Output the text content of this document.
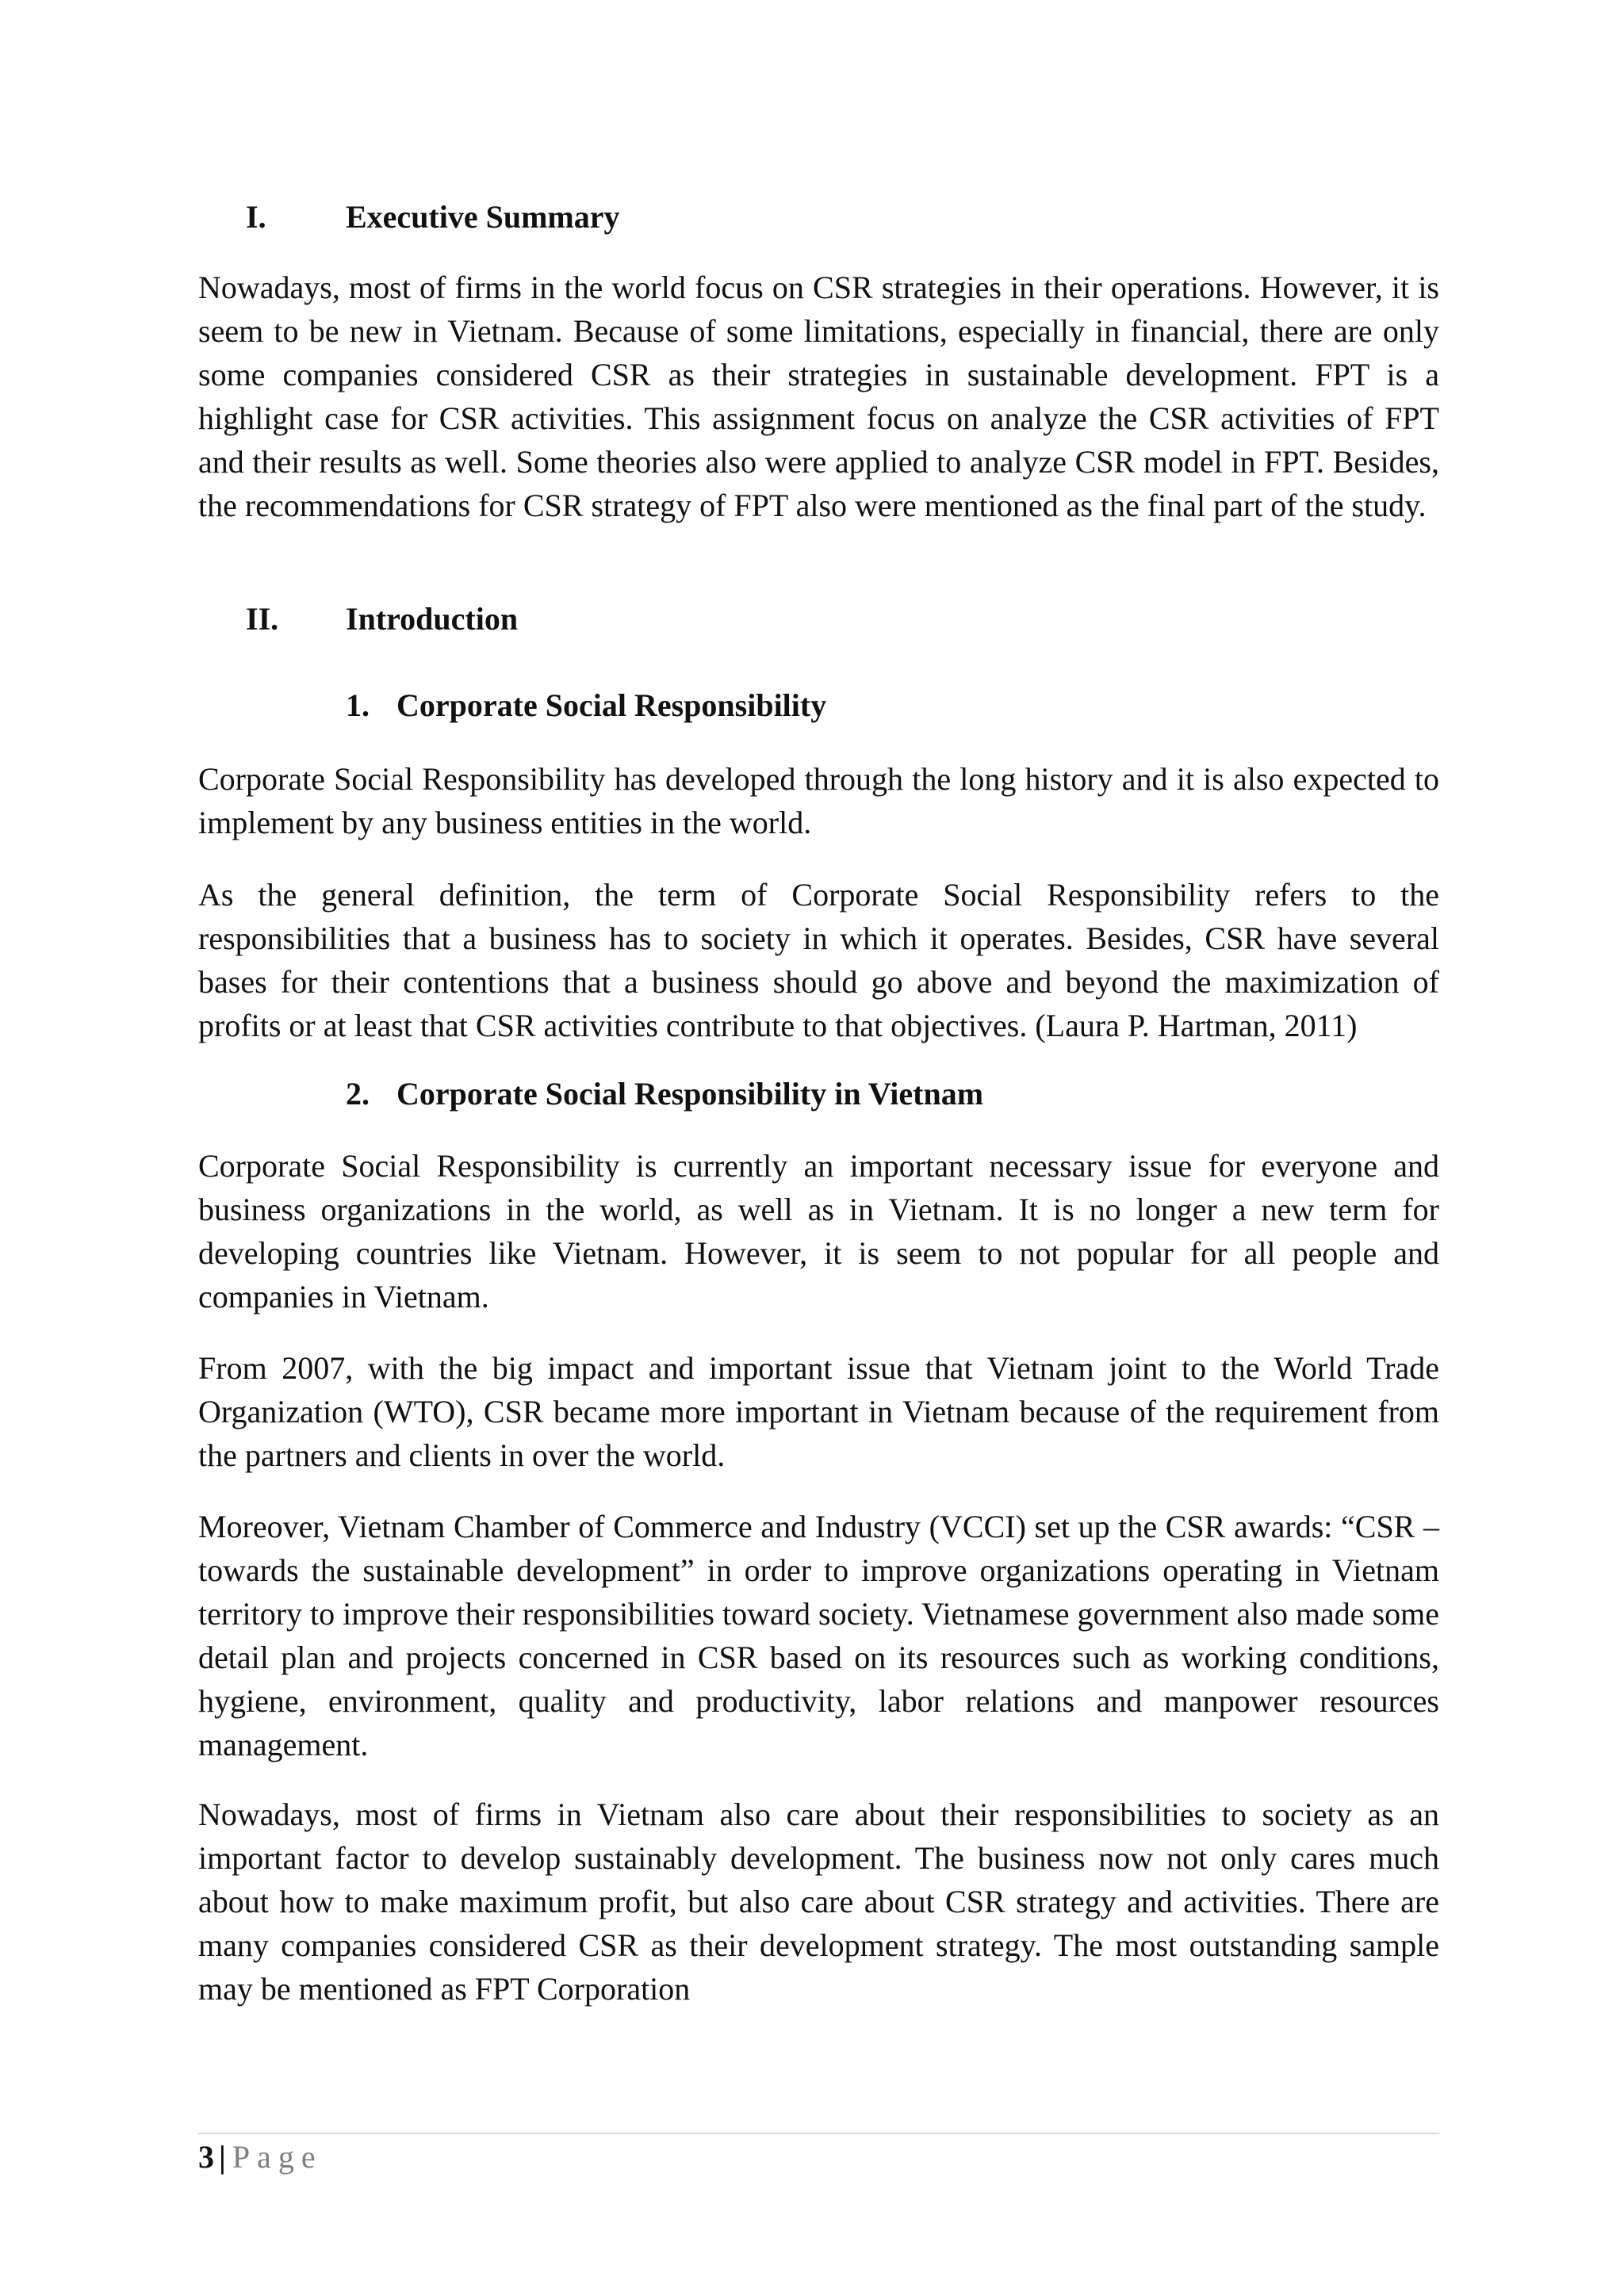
I.	Executive Summary

Nowadays, most of firms in the world focus on CSR strategies in their operations. However, it is seem to be new in Vietnam. Because of some limitations, especially in financial, there are only some companies considered CSR as their strategies in sustainable development. FPT is a highlight case for CSR activities. This assignment focus on analyze the CSR activities of FPT and their results as well. Some theories also were applied to analyze CSR model in FPT. Besides, the recommendations for CSR strategy of FPT also were mentioned as the final part of the study.

II. Introduction
1. Corporate Social Responsibility

Corporate Social Responsibility has developed through the long history and it is also expected to implement by any business entities in the world.

As the general definition, the term of Corporate Social Responsibility refers to the responsibilities that a business has to society in which it operates. Besides, CSR have several bases for their contentions that a business should go above and beyond the maximization of profits or at least that CSR activities contribute to that objectives. (Laura P. Hartman, 2011)

2. Corporate Social Responsibility in Vietnam

Corporate Social Responsibility is currently an important necessary issue for everyone and business organizations in the world, as well as in Vietnam. It is no longer a new term for developing countries like Vietnam. However, it is seem to not popular for all people and companies in Vietnam.

From 2007, with the big impact and important issue that Vietnam joint to the World Trade Organization (WTO), CSR became more important in Vietnam because of the requirement from the partners and clients in over the world.

Moreover, Vietnam Chamber of Commerce and Industry (VCCI) set up the CSR awards: “CSR – towards the sustainable development” in order to improve organizations operating in Vietnam territory to improve their responsibilities toward society. Vietnamese government also made some detail plan and projects concerned in CSR based on its resources such as working conditions, hygiene, environment, quality and productivity, labor relations and manpower resources management.

Nowadays, most of firms in Vietnam also care about their responsibilities to society as an important factor to develop sustainably development. The business now not only cares much about how to make maximum profit, but also care about CSR strategy and activities. There are many companies considered CSR as their development strategy. The most outstanding sample may be mentioned as FPT Corporation

3 | Page
